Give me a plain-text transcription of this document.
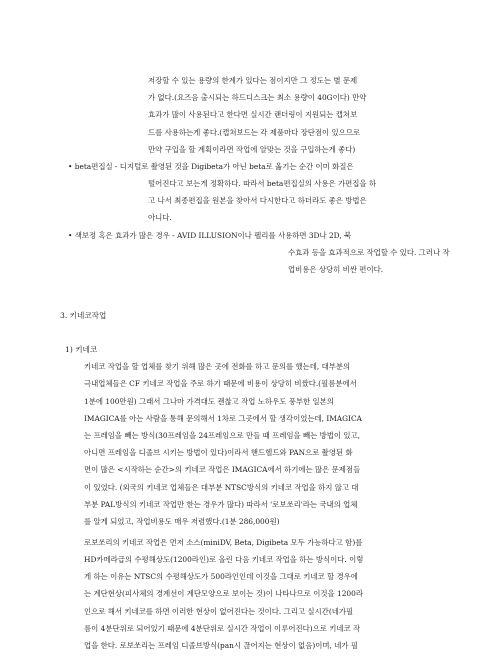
저장할 수 있는 용량의 한계가 있다는 점이지만 그 정도는 별 문제
가 없다.(요즈음 출시되는 하드디스크는 최소 용량이 40G이다) 만약
효과가 많이 사용된다고 한다면 실시간 랜더링이 지원되는 캡쳐보
드를 사용하는게 좋다.(캡쳐보드는 각 제품마다 장단점이 있으므로
만약 구입을 할 계획이라면 작업에 알맞는 것을 구입하는게 좋다)
• beta편집실 - 디지털로 촬영된 것을 Digibeta가 아닌 beta로 옮기는 순간 이미 화질은
떨어진다고 보는게 정확하다. 따라서 beta편집실의 사용은 가편집을 하
고 나서 최종편집을 원본을 찾아서 다시한다고 하더라도 좋은 방법은
아니다.
• 색보정 혹은 효과가 많은 경우 - AVID ILLUSION이나 펠리를 사용하면 3D나 2D, 북
수효과 등을 효과적으로 작업할 수 있다. 그러나 작
업비용은 상당히 비싼 편이다.
3. 키네코작업
1) 키네코
키네코 작업을 할 업체를 찾기 위해 많은 곳에 전화를 하고 문의를 했는데, 대부분의
극내업체들은 CF 키네코 작업을 주로 하기 때문에 비용이 상당히 비쌌다.(필름분에서
1분에 100만원) 그래서 그나마 가격대도 괜찮고 작업 노하우도 풍부한 일본의
IMAGICA를 아는 사람을 통해 문의해서 1차로 그곳에서 할 생각이었는데, IMAGICA
는 프레임을 빼는 방식(30프레임을 24프레임으로 만들 때 프레임을 빼는 방법이 있고,
아니면 프레임을 디졸브 시키는 방법이 있다)이라서 핸드헬드와 PAN으로 촬영된 화
면이 많은 <시작하는 순간>의 키네코 작업은 IMAGICA에서 하기에는 많은 문제점들
이 있었다. (외국의 키네코 업체들은 대부분 NTSC방식의 키네코 작업을 하지 않고 대
부분 PAL방식의 키네코 작업만 한는 경우가 많다) 따라서 '로보쏘리'라는 국내의 업체
를 알게 되었고, 작업비용도 매우 저렴했다.(1분 286,000원)
로보쏘리의 키네코 작업은 먼저 소스(miniDV, Beta, Digibeta 모두 가능하다고 함)를
HD카메라급의 수평해상도(1200라인)로 올린 다음 키네코 작업을 하는 방식이다. 이렇
게 하는 이유는 NTSC의 수평해상도가 500라인인데 이것을 그대로 키네코 할 경우에
는 계단현상(피사체의 경계선이 계단모양으로 보이는 것)이 나타나므로 이것을 1200라
인으로 해서 키네코를 하면 이러한 현상이 없어진다는 것이다. 그리고 실시간(네가필
름이 4분단위로 되어있기 때문에 4분단위로 실시간 작업이 이루어진다)으로 키네코 작
업을 한다. 로보쏘리는 프레임 디졸브방식(pan시 끊어지는 현상이 없음)이며, 네가 필
